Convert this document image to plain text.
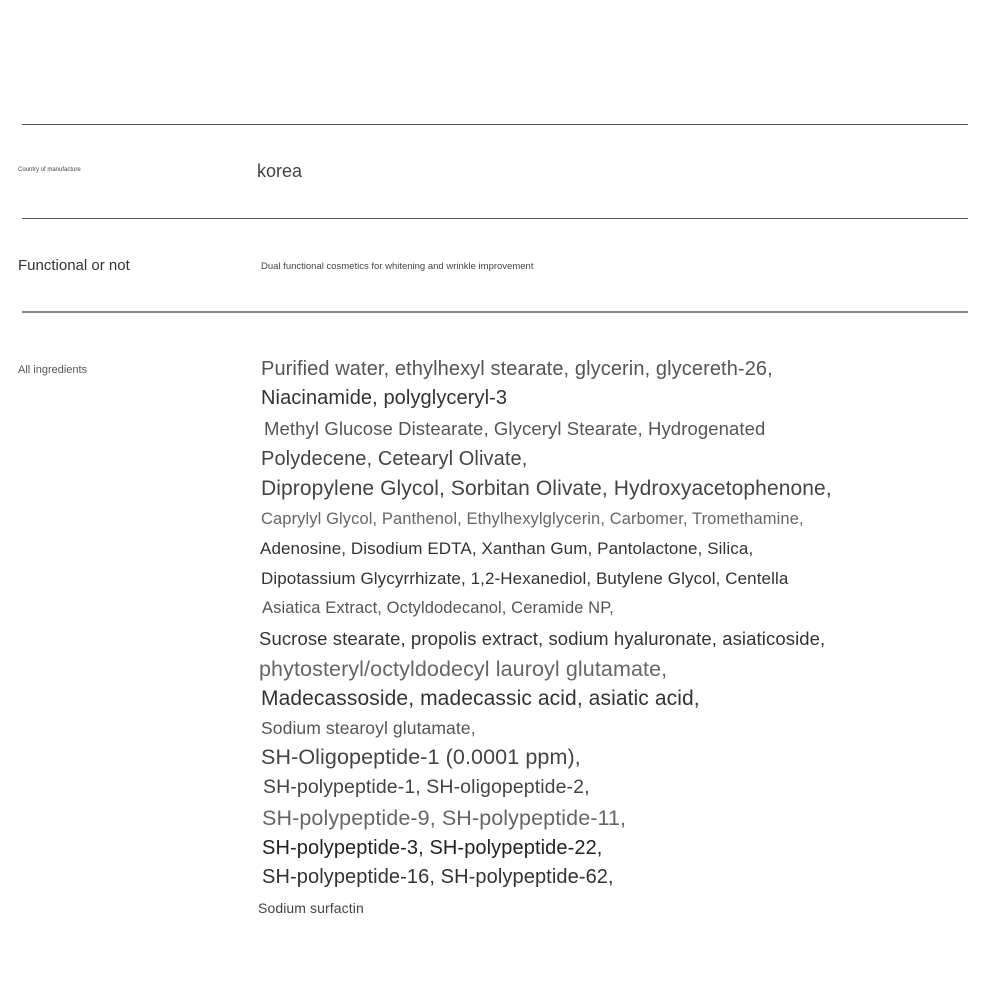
Country of manufacture	korea
Functional or not	Dual functional cosmetics for whitening and wrinkle improvement
All ingredients	Purified water, ethylhexyl stearate, glycerin, glycereth-26,
Niacinamide, polyglyceryl-3
Methyl Glucose Distearate, Glyceryl Stearate, Hydrogenated
Polydecene, Cetearyl Olivate,
Dipropylene Glycol, Sorbitan Olivate, Hydroxyacetophenone,
Caprylyl Glycol, Panthenol, Ethylhexylglycerin, Carbomer, Tromethamine,
Adenosine, Disodium EDTA, Xanthan Gum, Pantolactone, Silica,
Dipotassium Glycyrrhizate, 1,2-Hexanediol, Butylene Glycol, Centella
Asiatica Extract, Octyldodecanol, Ceramide NP,
Sucrose stearate, propolis extract, sodium hyaluronate, asiaticoside,
phytosteryl/octyldodecyl lauroyl glutamate,
Madecassoside, madecassic acid, asiatic acid,
Sodium stearoyl glutamate,
SH-Oligopeptide-1 (0.0001 ppm),
SH-polypeptide-1, SH-oligopeptide-2,
SH-polypeptide-9, SH-polypeptide-11,
SH-polypeptide-3, SH-polypeptide-22,
SH-polypeptide-16, SH-polypeptide-62,
Sodium surfactin
